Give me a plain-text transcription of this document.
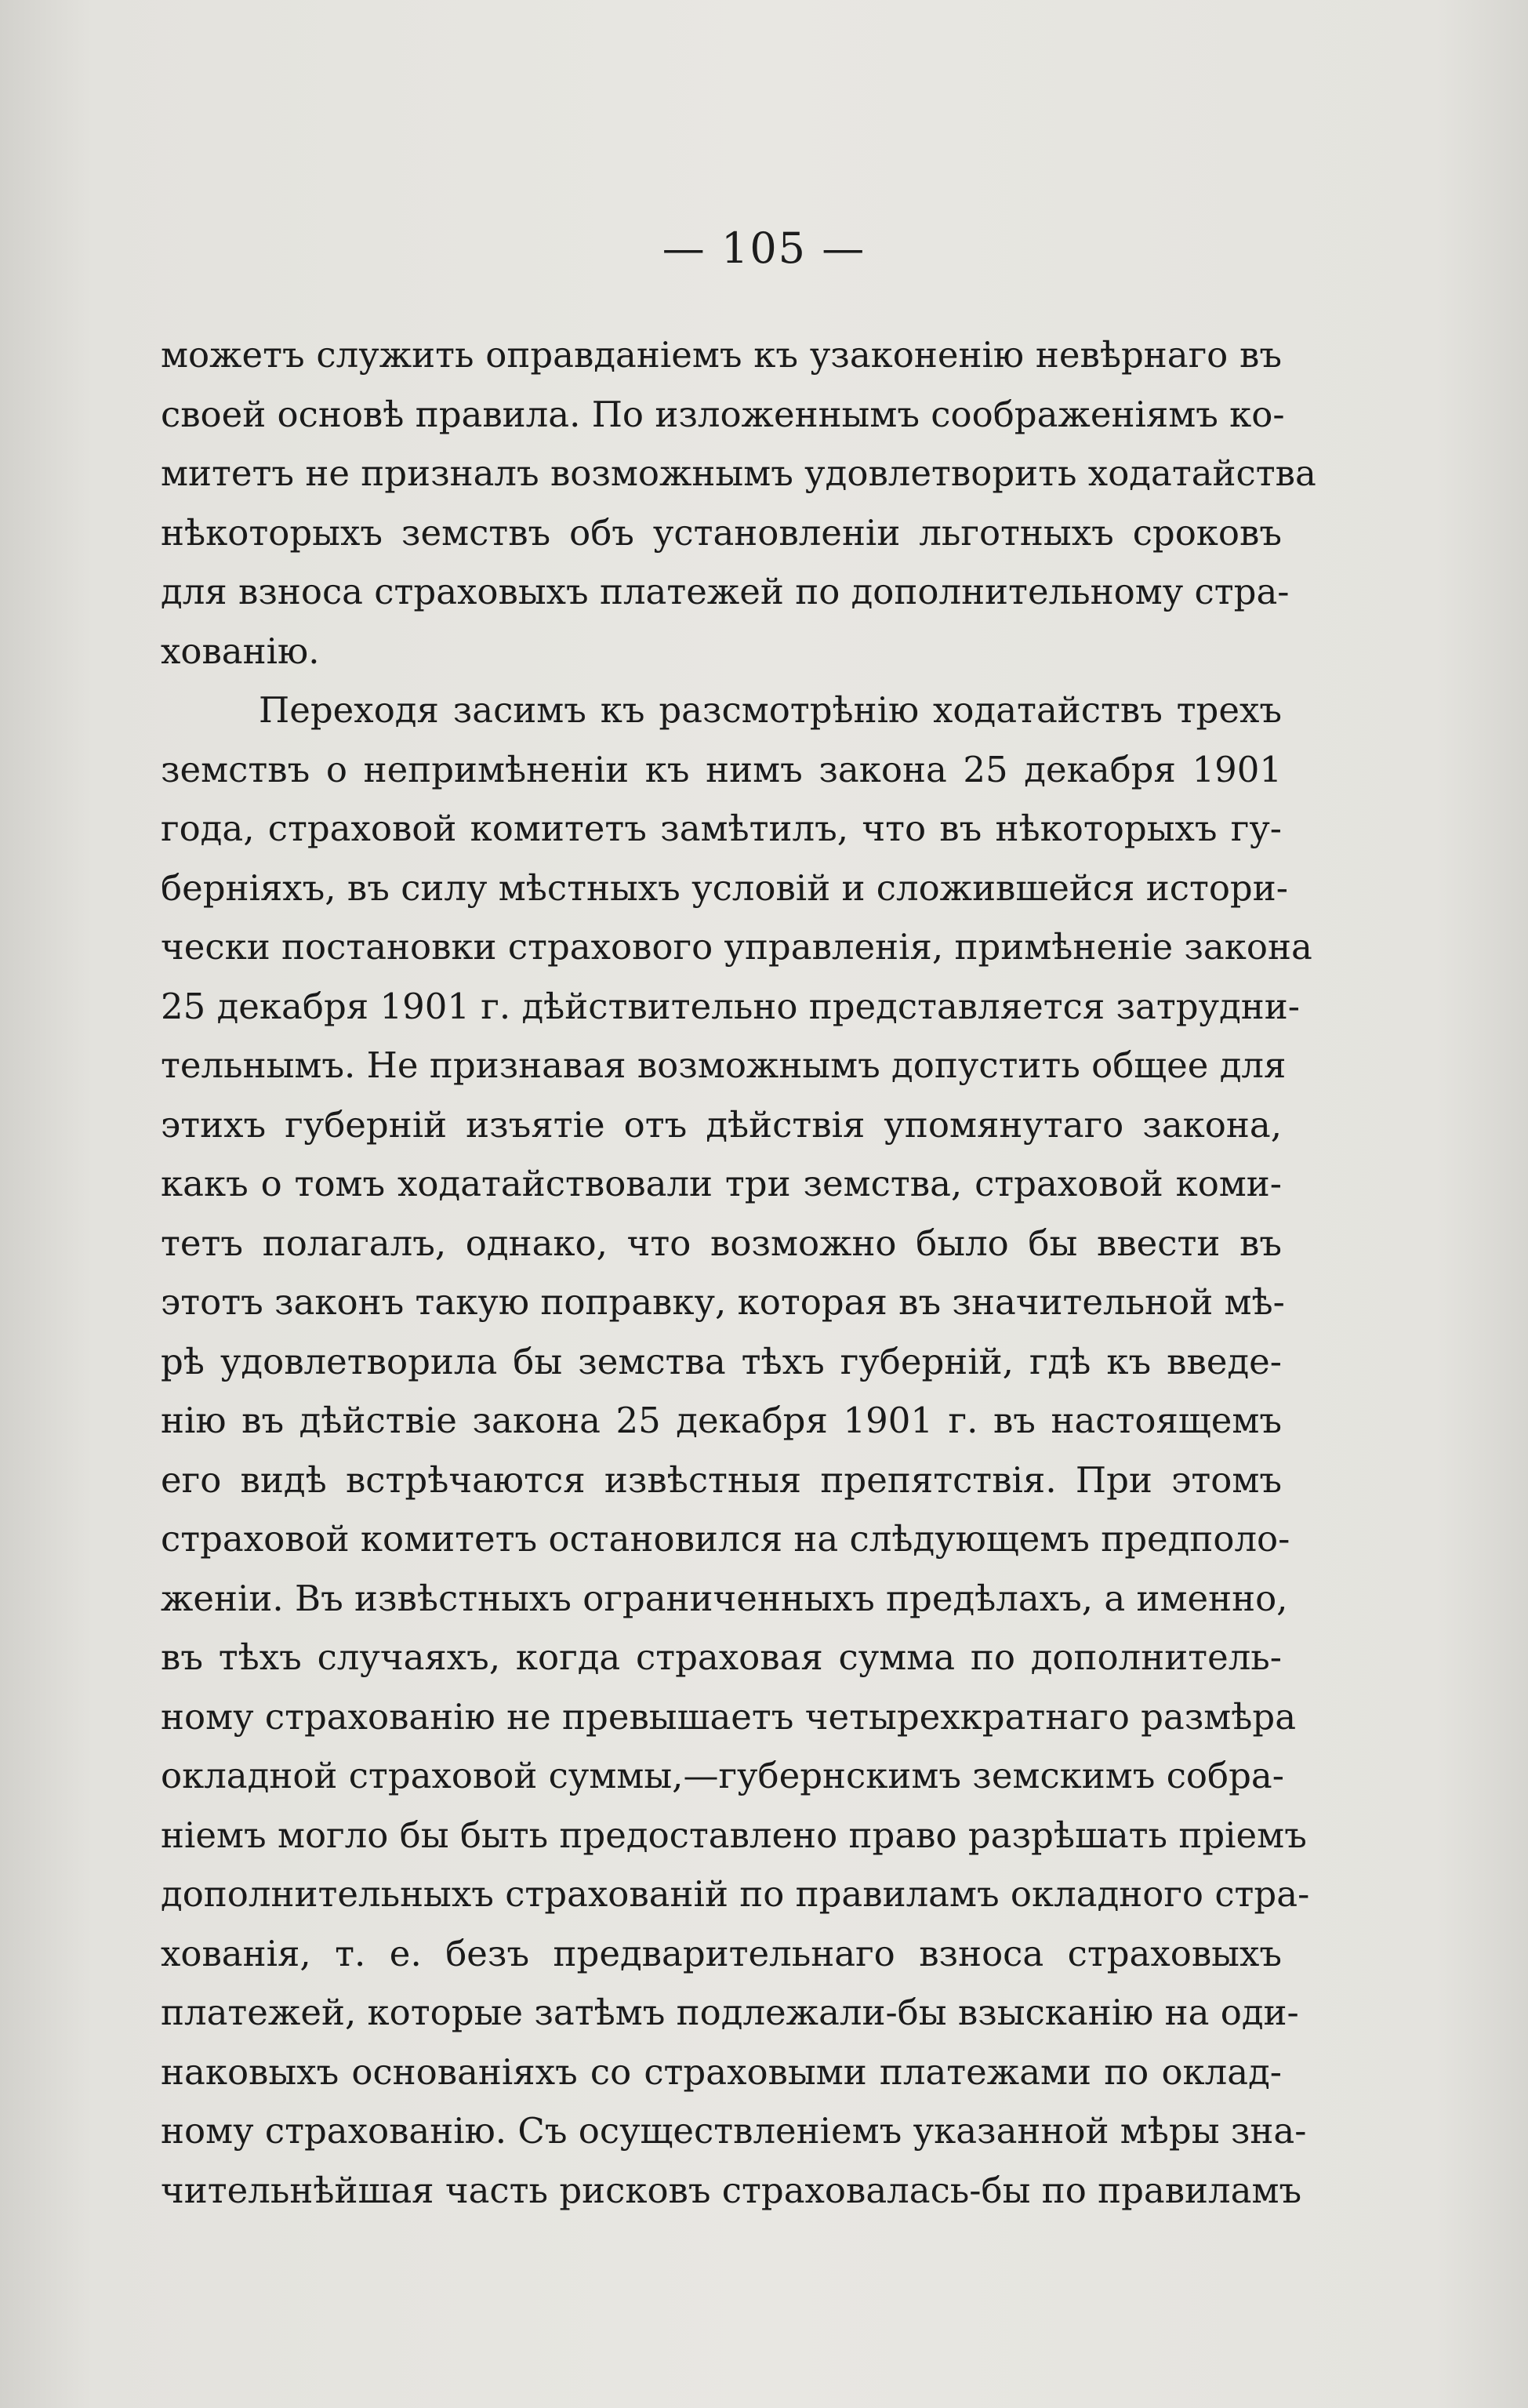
— 105 —
можетъ служить оправданіемъ къ узаконенію невѣрнаго въ
своей основѣ правила. По изложеннымъ соображеніямъ ко-
митетъ не призналъ возможнымъ удовлетворить ходатайства
нѣкоторыхъ земствъ объ установленіи льготныхъ сроковъ
для взноса страховыхъ платежей по дополнительному стра-
хованію.
Переходя засимъ къ разсмотрѣнію ходатайствъ трехъ
земствъ о непримѣненіи къ нимъ закона 25 декабря 1901
года, страховой комитетъ замѣтилъ, что въ нѣкоторыхъ гу-
берніяхъ, въ силу мѣстныхъ условій и сложившейся истори-
чески постановки страхового управленія, примѣненіе закона
25 декабря 1901 г. дѣйствительно представляется затрудни-
тельнымъ. Не признавая возможнымъ допустить общее для
этихъ губерній изъятіе отъ дѣйствія упомянутаго закона,
какъ о томъ ходатайствовали три земства, страховой коми-
тетъ полагалъ, однако, что возможно было бы ввести въ
этотъ законъ такую поправку, которая въ значительной мѣ-
рѣ удовлетворила бы земства тѣхъ губерній, гдѣ къ введе-
нію въ дѣйствіе закона 25 декабря 1901 г. въ настоящемъ
его видѣ встрѣчаются извѣстныя препятствія. При этомъ
страховой комитетъ остановился на слѣдующемъ предполо-
женіи. Въ извѣстныхъ ограниченныхъ предѣлахъ, а именно,
въ тѣхъ случаяхъ, когда страховая сумма по дополнитель-
ному страхованію не превышаетъ четырехкратнаго размѣра
окладной страховой суммы,—губернскимъ земскимъ собра-
ніемъ могло бы быть предоставлено право разрѣшать пріемъ
дополнительныхъ страхованій по правиламъ окладного стра-
хованія, т. е. безъ предварительнаго взноса страховыхъ
платежей, которые затѣмъ подлежали-бы взысканію на оди-
наковыхъ основаніяхъ со страховыми платежами по оклад-
ному страхованію. Съ осуществленіемъ указанной мѣры зна-
чительнѣйшая часть рисковъ страховалась-бы по правиламъ
